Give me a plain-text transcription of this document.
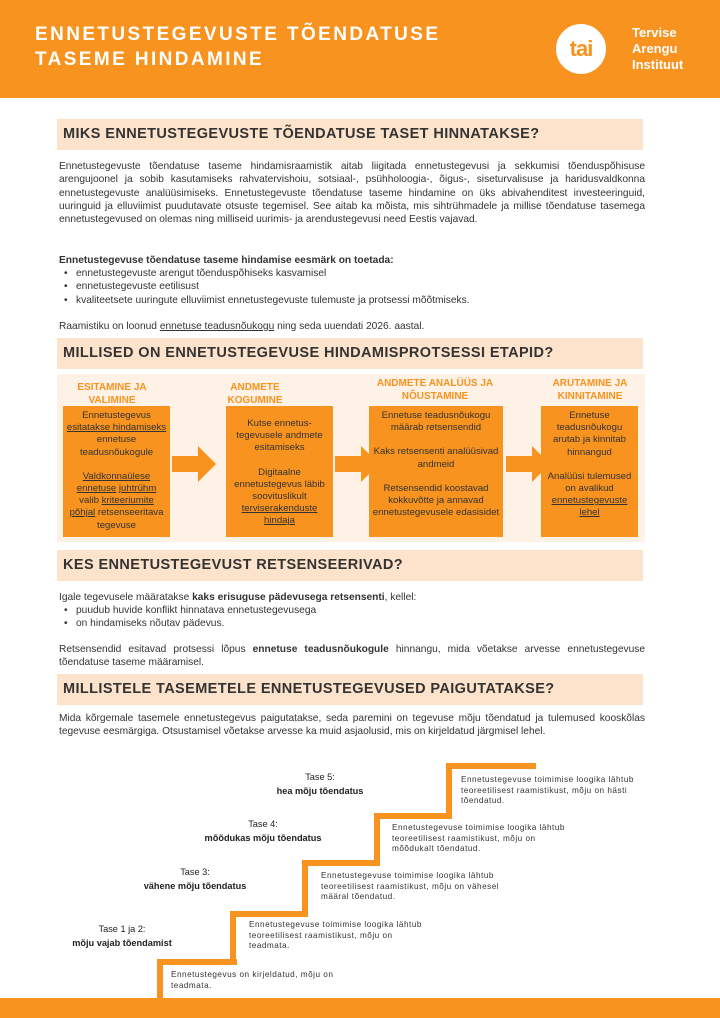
ENNETUSTEGEVUSTE TÕENDATUSE
TASEME HINDAMINE	tai
Tervise
Arengu
Instituut
MIKS ENNETUSTEGEVUSTE TÕENDATUSE TASET HINNATAKSE?
Ennetustegevuste tõendatuse taseme hindamisraamistik aitab liigitada ennetustegevusi ja sekkumisi tõenduspõhisuse arengujoonel ja sobib kasutamiseks rahvatervishoiu, sotsiaal-, psühholoogia-, õigus-, siseturvalisuse ja haridusvaldkonna ennetustegevuste analüüsimiseks. Ennetustegevuste tõendatuse taseme hindamine on üks abivahenditest investeeringuid, uuringuid ja elluviimist puudutavate otsuste tegemisel. See aitab ka mõista, mis sihtrühmadele ja millise tõendatuse tasemega ennetustegevused on olemas ning milliseid uurimis- ja arendustegevusi need Eestis vajavad.
Ennetustegevuse tõendatuse taseme hindamise eesmärk on toetada:
• ennetustegevuste arengut tõenduspõhiseks kasvamisel
• ennetustegevuste eetilisust
• kvaliteetsete uuringute elluviimist ennetustegevuste tulemuste ja protsessi mõõtmiseks.
Raamistiku on loonud ennetuse teadusnõukogu ning seda uuendati 2026. aastal.
MILLISED ON ENNETUSTEGEVUSE HINDAMISPROTSESSI ETAPID?
ESITAMINE JA VALIMINE
ANDMETE KOGUMINE
ANDMETE ANALÜÜS JA NÕUSTAMINE
ARUTAMINE JA KINNITAMINE

Ennetustegevus
esitatakse hindamiseks
ennetuse teadusnõukogule

Valdkonnaülese ennetuse juhtrühm valib kriteeriumite põhjal retsenseeritava tegevuse

Kutse ennetus-tegevusele andmete esitamiseks

Digitaalne ennetustegevus läbib soovituslikult terviserakenduste hindaja

Ennetuse teadusnõukogu määrab retsensendid

Kaks retsensenti analüüsivad andmeid

Retsensendid koostavad kokkuvõtte ja annavad ennetustegevusele edasisidet

Ennetuse teadusnõukogu arutab ja kinnitab hinnangud

Analüüsi tulemused on avalikud ennetustegevuste lehel

KES ENNETUSTEGEVUST RETSENSEERIVAD?
Igale tegevusele määratakse kaks erisuguse pädevusega retsensenti, kellel:
• puudub huvide konflikt hinnatava ennetustegevusega
• on hindamiseks nõutav pädevus.
Retsensendid esitavad protsessi lõpus ennetuse teadusnõukogule hinnangu, mida võetakse arvesse ennetustegevuse tõendatuse taseme määramisel.
MILLISTELE TASEMETELE ENNETUSTEGEVUSED PAIGUTATAKSE?
Mida kõrgemale tasemele ennetustegevus paigutatakse, seda paremini on tegevuse mõju tõendatud ja tulemused kooskõlas tegevuse eesmärgiga. Otsustamisel võetakse arvesse ka muid asjaolusid, mis on kirjeldatud järgmisel lehel.
Tase 5:
hea mõju tõendatus
Ennetustegevuse toimimise loogika lähtub teoreetilisest raamistikust, mõju on hästi tõendatud.
Tase 4:
mõõdukas mõju tõendatus
Ennetustegevuse toimimise loogika lähtub teoreetilisest raamistikust, mõju on mõõdukalt tõendatud.
Tase 3:
vähene mõju tõendatus
Ennetustegevuse toimimise loogika lähtub teoreetilisest raamistikust, mõju on vähesel määral tõendatud.
Tase 1 ja 2:
mõju vajab tõendamist
Ennetustegevuse toimimise loogika lähtub teoreetilisest raamistikust, mõju on teadmata.
Ennetustegevus on kirjeldatud, mõju on teadmata.
